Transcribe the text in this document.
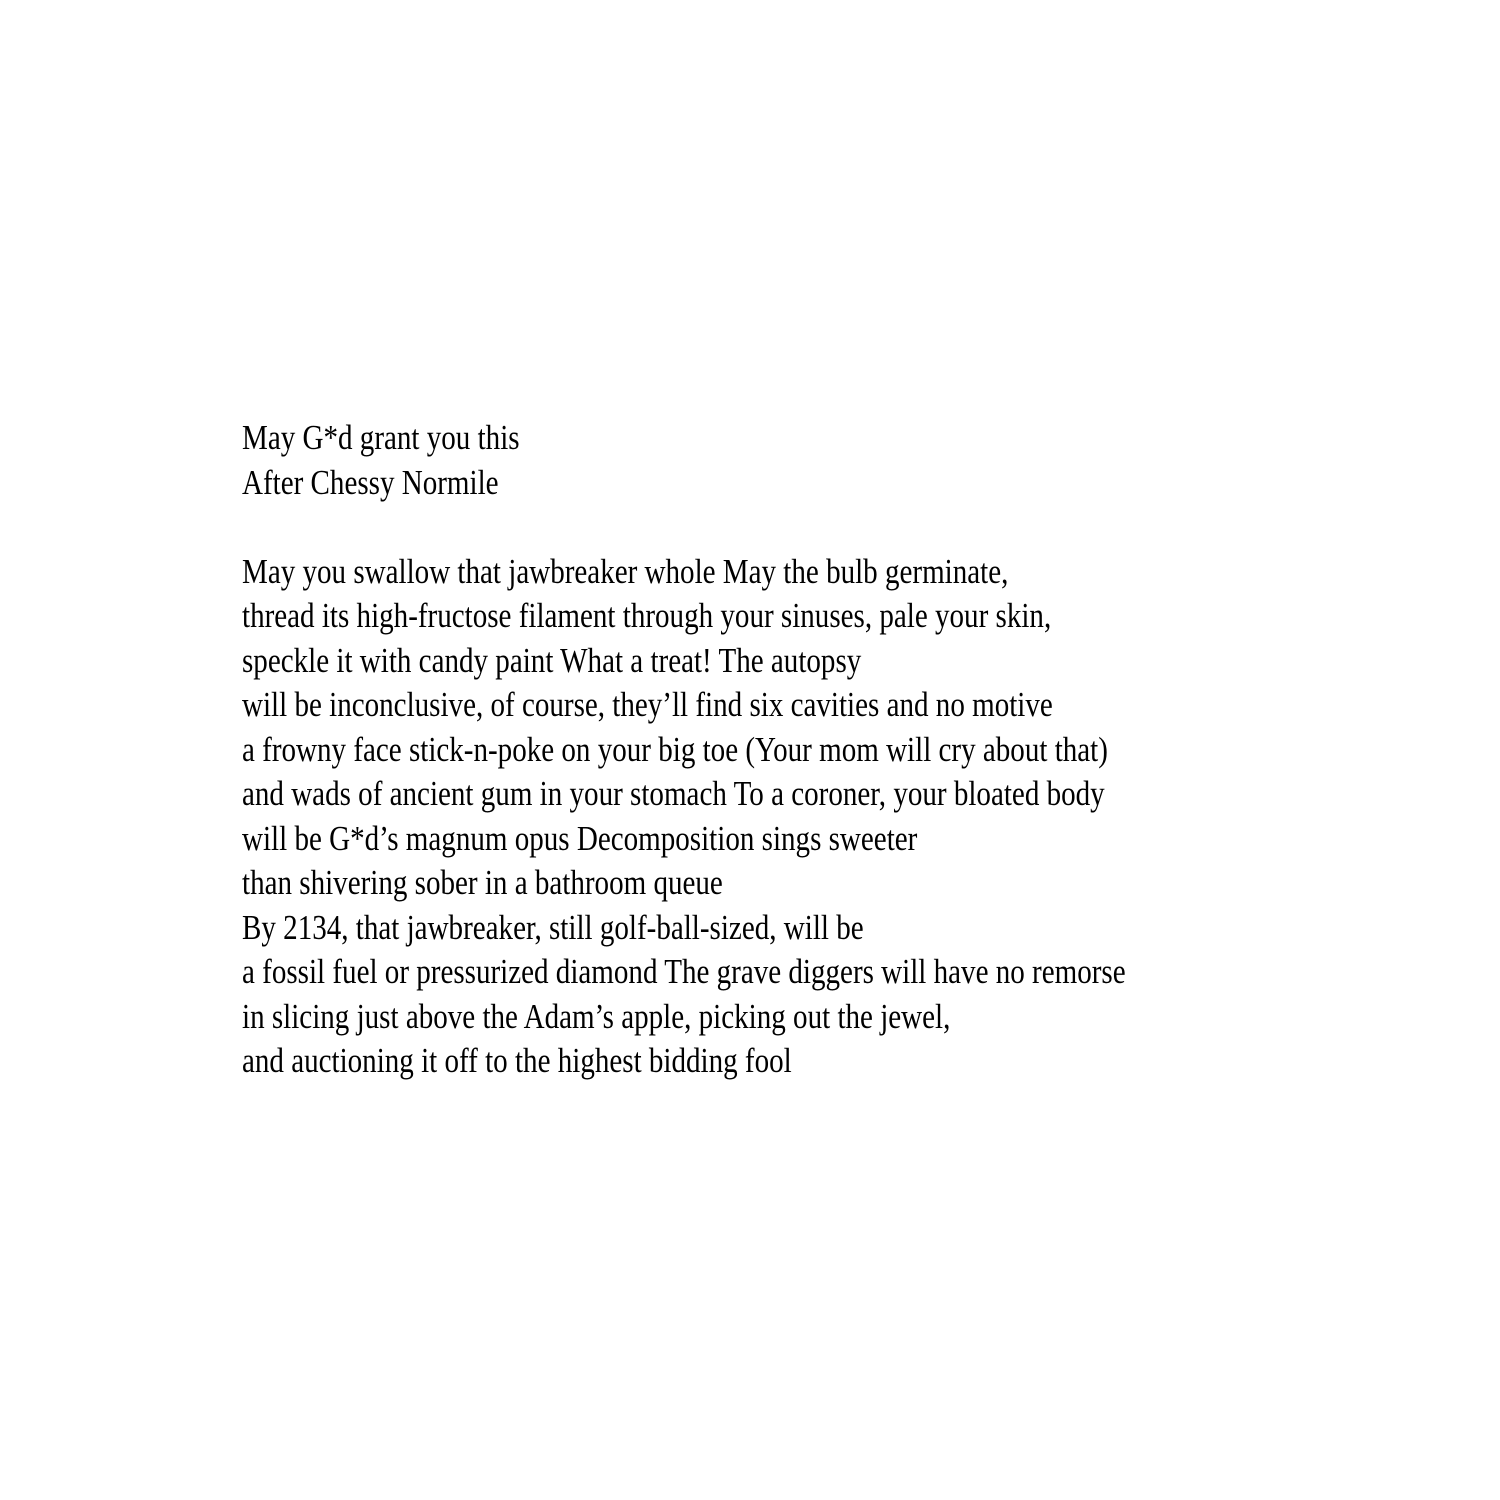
May G*d grant you this
After Chessy Normile
May you swallow that jawbreaker whole May the bulb germinate,
thread its high-fructose filament through your sinuses, pale your skin,
speckle it with candy paint What a treat! The autopsy
will be inconclusive, of course, they’ll find six cavities and no motive
a frowny face stick-n-poke on your big toe (Your mom will cry about that)
and wads of ancient gum in your stomach To a coroner, your bloated body
will be G*d’s magnum opus Decomposition sings sweeter
than shivering sober in a bathroom queue
By 2134, that jawbreaker, still golf-ball-sized, will be
a fossil fuel or pressurized diamond The grave diggers will have no remorse
in slicing just above the Adam’s apple, picking out the jewel,
and auctioning it off to the highest bidding fool
